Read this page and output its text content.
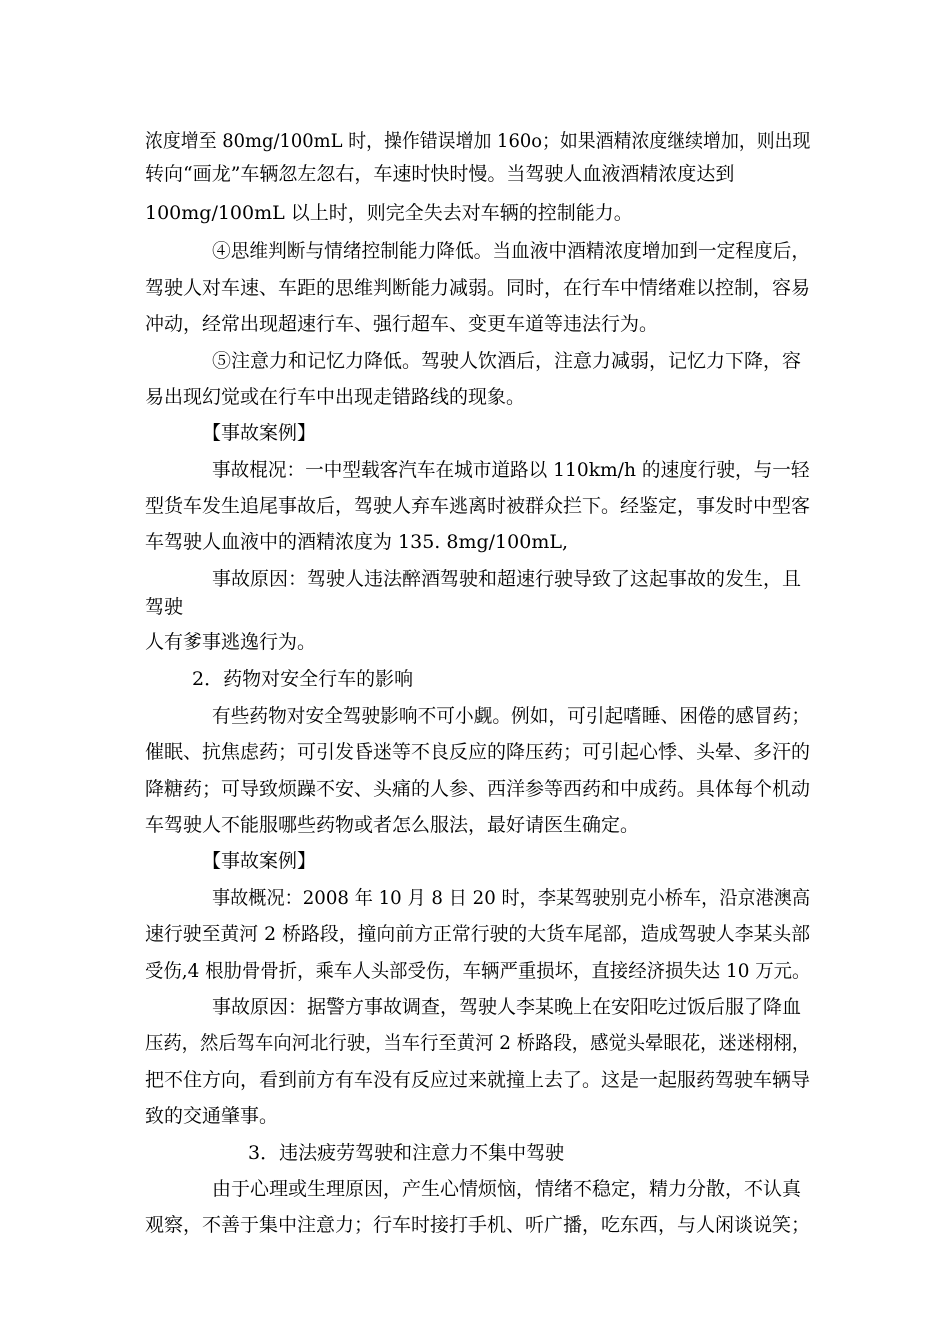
浓度增至 80mg/100mL 时，操作错误增加 160o；如果酒精浓度继续增加，则出现
转向“画龙”车辆忽左忽右，车速时快时慢。当驾驶人血液酒精浓度达到
100mg/100mL 以上时，则完全失去对车辆的控制能力。
④思维判断与情绪控制能力降低。当血液中酒精浓度增加到一定程度后，
驾驶人对车速、车距的思维判断能力减弱。同时，在行车中情绪难以控制，容易
冲动，经常出现超速行车、强行超车、变更车道等违法行为。
⑤注意力和记忆力降低。驾驶人饮酒后，注意力减弱，记忆力下降，容
易出现幻觉或在行车中出现走错路线的现象。
【事故案例】
事故棍况：一中型载客汽车在城市道路以 110km/h 的速度行驶，与一轻
型货车发生追尾事故后，驾驶人弃车逃离时被群众拦下。经鉴定，事发时中型客
车驾驶人血液中的酒精浓度为 135. 8mg/100mL,
事故原因：驾驶人违法醉酒驾驶和超速行驶导致了这起事故的发生，且
驾驶
人有爹事逃逸行为。
2．药物对安全行车的影响
有些药物对安全驾驶影响不可小觑。例如，可引起嗜睡、困倦的感冒药；
催眠、抗焦虑药；可引发昏迷等不良反应的降压药；可引起心悸、头晕、多汗的
降糖药；可导致烦躁不安、头痛的人参、西洋参等西药和中成药。具体每个机动
车驾驶人不能服哪些药物或者怎么服法，最好请医生确定。
【事故案例】
事故概况：2008 年 10 月 8 日 20 时，李某驾驶别克小桥车，沿京港澳高
速行驶至黄河 2 桥路段，撞向前方正常行驶的大货车尾部，造成驾驶人李某头部
受伤,4 根肋骨骨折，乘车人头部受伤，车辆严重损坏，直接经济损失达 10 万元。
事故原因：据警方事故调查，驾驶人李某晚上在安阳吃过饭后服了降血
压药，然后驾车向河北行驶，当车行至黄河 2 桥路段，感觉头晕眼花，迷迷栩栩，
把不住方向，看到前方有车没有反应过来就撞上去了。这是一起服药驾驶车辆导
致的交通肇事。
3．违法疲劳驾驶和注意力不集中驾驶
由于心理或生理原因，产生心情烦恼，情绪不稳定，精力分散，不认真
观察，不善于集中注意力；行车时接打手机、听广播，吃东西，与人闲谈说笑；
